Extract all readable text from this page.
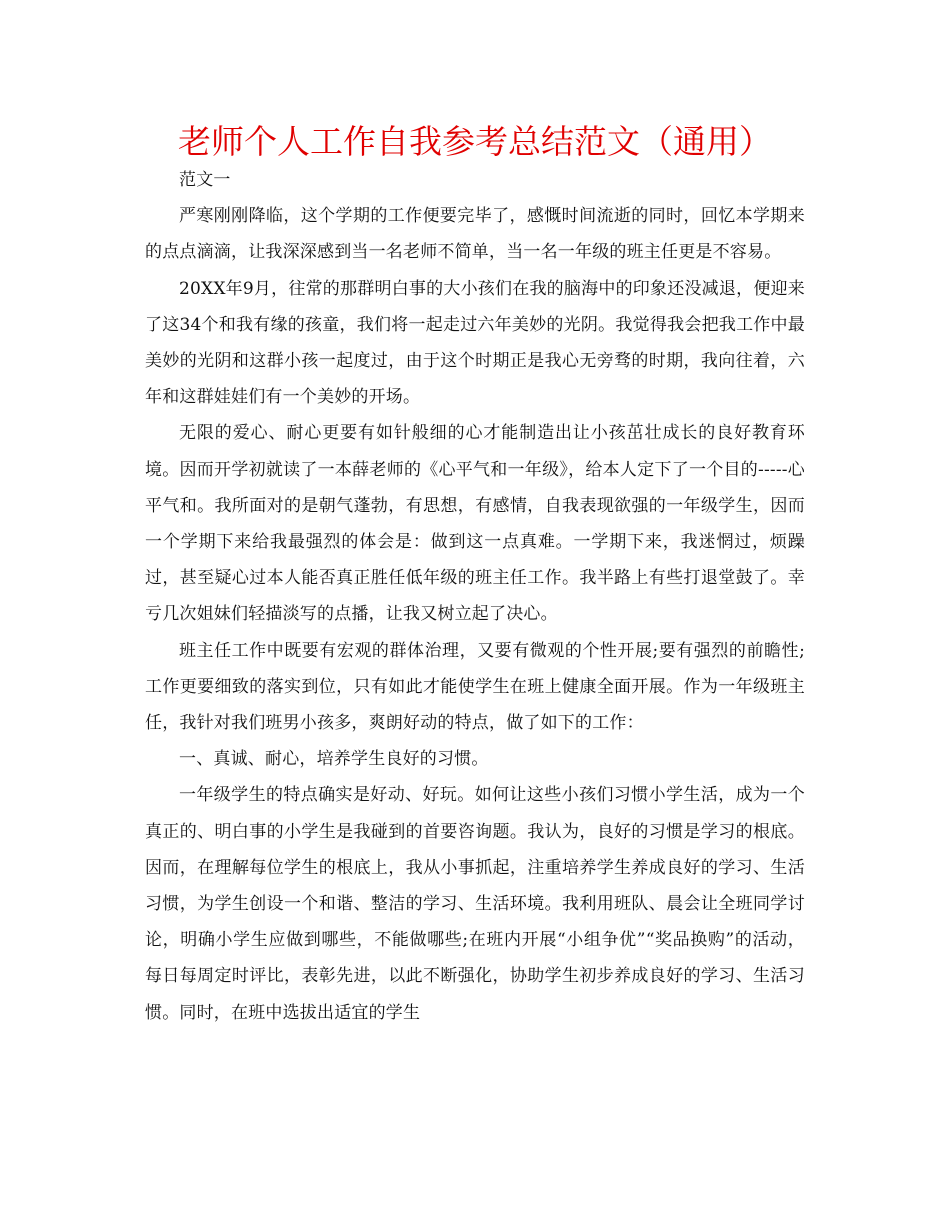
老师个人工作自我参考总结范文（通用）

范文一

严寒刚刚降临，这个学期的工作便要完毕了，感慨时间流逝的同时，回忆本学期来的点点滴滴，让我深深感到当一名老师不简单，当一名一年级的班主任更是不容易。

20XX年9月，往常的那群明白事的大小孩们在我的脑海中的印象还没减退，便迎来了这34个和我有缘的孩童，我们将一起走过六年美妙的光阴。我觉得我会把我工作中最美妙的光阴和这群小孩一起度过，由于这个时期正是我心无旁骛的时期，我向往着，六年和这群娃娃们有一个美妙的开场。

无限的爱心、耐心更要有如针般细的心才能制造出让小孩茁壮成长的良好教育环境。因而开学初就读了一本薛老师的《心平气和一年级》，给本人定下了一个目的-----心平气和。我所面对的是朝气蓬勃，有思想，有感情，自我表现欲强的一年级学生，因而一个学期下来给我最强烈的体会是：做到这一点真难。一学期下来，我迷惘过，烦躁过，甚至疑心过本人能否真正胜任低年级的班主任工作。我半路上有些打退堂鼓了。幸亏几次姐妹们轻描淡写的点播，让我又树立起了决心。

班主任工作中既要有宏观的群体治理，又要有微观的个性开展;要有强烈的前瞻性;工作更要细致的落实到位，只有如此才能使学生在班上健康全面开展。作为一年级班主任，我针对我们班男小孩多，爽朗好动的特点，做了如下的工作：

一、真诚、耐心，培养学生良好的习惯。

一年级学生的特点确实是好动、好玩。如何让这些小孩们习惯小学生活，成为一个真正的、明白事的小学生是我碰到的首要咨询题。我认为，良好的习惯是学习的根底。因而，在理解每位学生的根底上，我从小事抓起，注重培养学生养成良好的学习、生活习惯，为学生创设一个和谐、整洁的学习、生活环境。我利用班队、晨会让全班同学讨论，明确小学生应做到哪些，不能做哪些;在班内开展“小组争优”“奖品换购”的活动，每日每周定时评比，表彰先进，以此不断强化，协助学生初步养成良好的学习、生活习惯。同时，在班中选拔出适宜的学生
